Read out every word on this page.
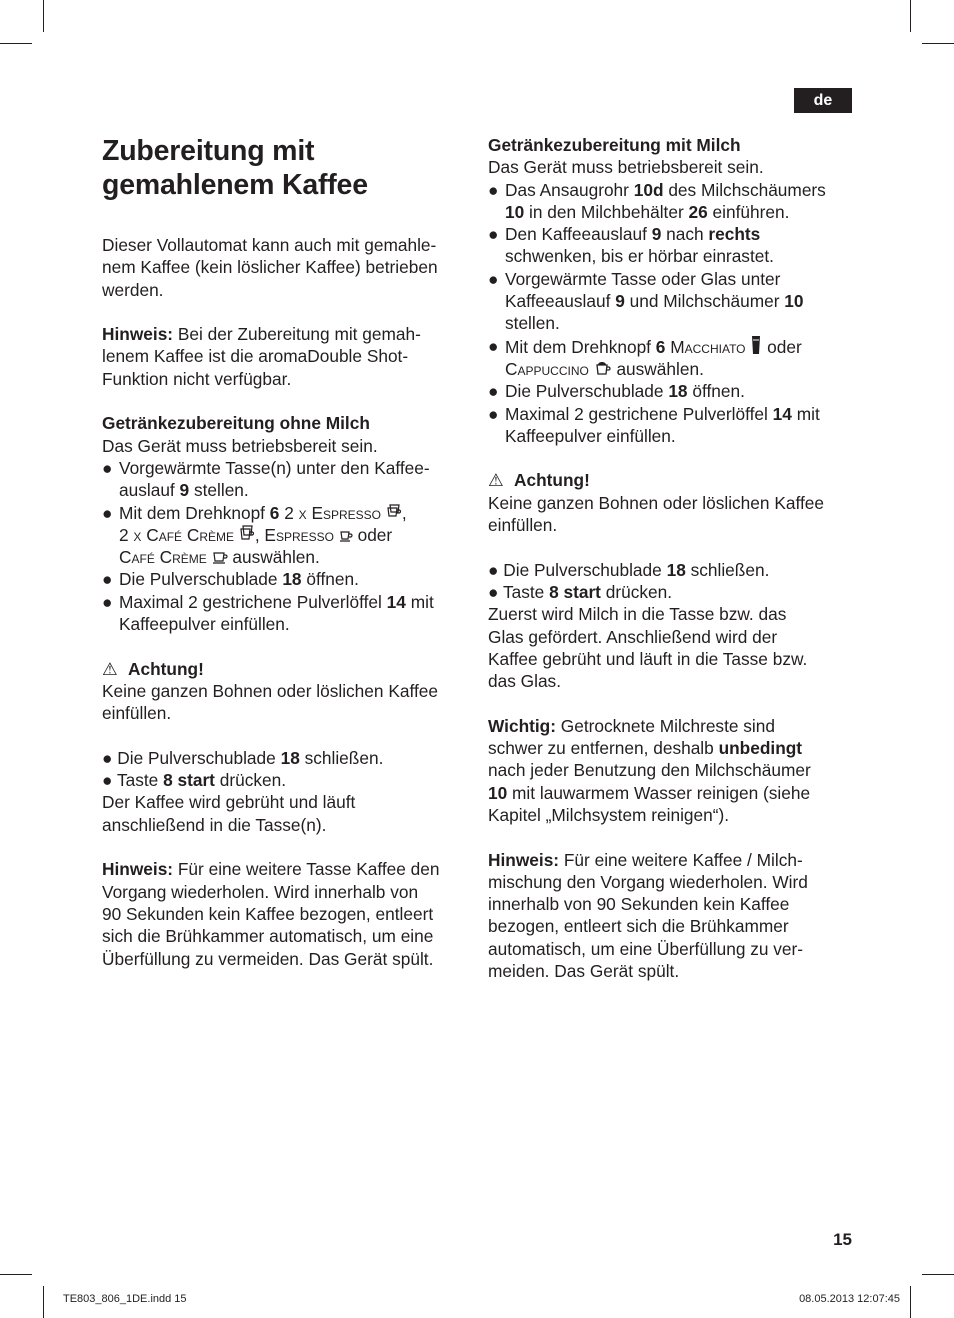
de
Zubereitung mit
gemahlenem Kaffee

Dieser Vollautomat kann auch mit gemahle-
nem Kaffee (kein löslicher Kaffee) betrieben
werden.

Hinweis: Bei der Zubereitung mit gemah-
lenem Kaffee ist die aromaDouble Shot-
Funktion nicht verfügbar.

Getränkezubereitung ohne Milch

Das Gerät muss betriebsbereit sein.

● Vorgewärmte Tasse(n) unter den Kaffee-
auslauf 9 stellen.
● Mit dem Drehknopf 6 2 x Espresso ,
2 x Café Crème , Espresso  oder
Café Crème  auswählen.
● Die Pulverschublade 18 öffnen.
● Maximal 2 gestrichene Pulverlöffel 14 mit
Kaffeepulver einfüllen.

⚠ Achtung!

Keine ganzen Bohnen oder löslichen Kaffee
einfüllen.

● Die Pulverschublade 18 schließen.

● Taste 8 start drücken.

Der Kaffee wird gebrüht und läuft
anschließend in die Tasse(n).

Hinweis: Für eine weitere Tasse Kaffee den
Vorgang wiederholen. Wird innerhalb von
90 Sekunden kein Kaffee bezogen, entleert
sich die Brühkammer automatisch, um eine
Überfüllung zu vermeiden. Das Gerät spült.

Getränkezubereitung mit Milch

Das Gerät muss betriebsbereit sein.

● Das Ansaugrohr 10d des Milchschäumers
10 in den Milchbehälter 26 einführen.
● Den Kaffeeauslauf 9 nach rechts
schwenken, bis er hörbar einrastet.
● Vorgewärmte Tasse oder Glas unter
Kaffeeauslauf 9 und Milchschäumer 10
stellen.
● Mit dem Drehknopf 6 Macchiato  oder
Cappuccino  auswählen.
● Die Pulverschublade 18 öffnen.
● Maximal 2 gestrichene Pulverlöffel 14 mit
Kaffeepulver einfüllen.

⚠ Achtung!

Keine ganzen Bohnen oder löslichen Kaffee
einfüllen.

● Die Pulverschublade 18 schließen.

● Taste 8 start drücken.

Zuerst wird Milch in die Tasse bzw. das
Glas gefördert. Anschließend wird der
Kaffee gebrüht und läuft in die Tasse bzw.
das Glas.

Wichtig: Getrocknete Milchreste sind
schwer zu entfernen, deshalb unbedingt
nach jeder Benutzung den Milchschäumer
10 mit lauwarmem Wasser reinigen (siehe
Kapitel „Milchsystem reinigen“).

Hinweis: Für eine weitere Kaffee / Milch-
mischung den Vorgang wiederholen. Wird
innerhalb von 90 Sekunden kein Kaffee
bezogen, entleert sich die Brühkammer
automatisch, um eine Überfüllung zu ver-
meiden. Das Gerät spült.

15
TE803_806_1DE.indd 15	08.05.2013 12:07:45
